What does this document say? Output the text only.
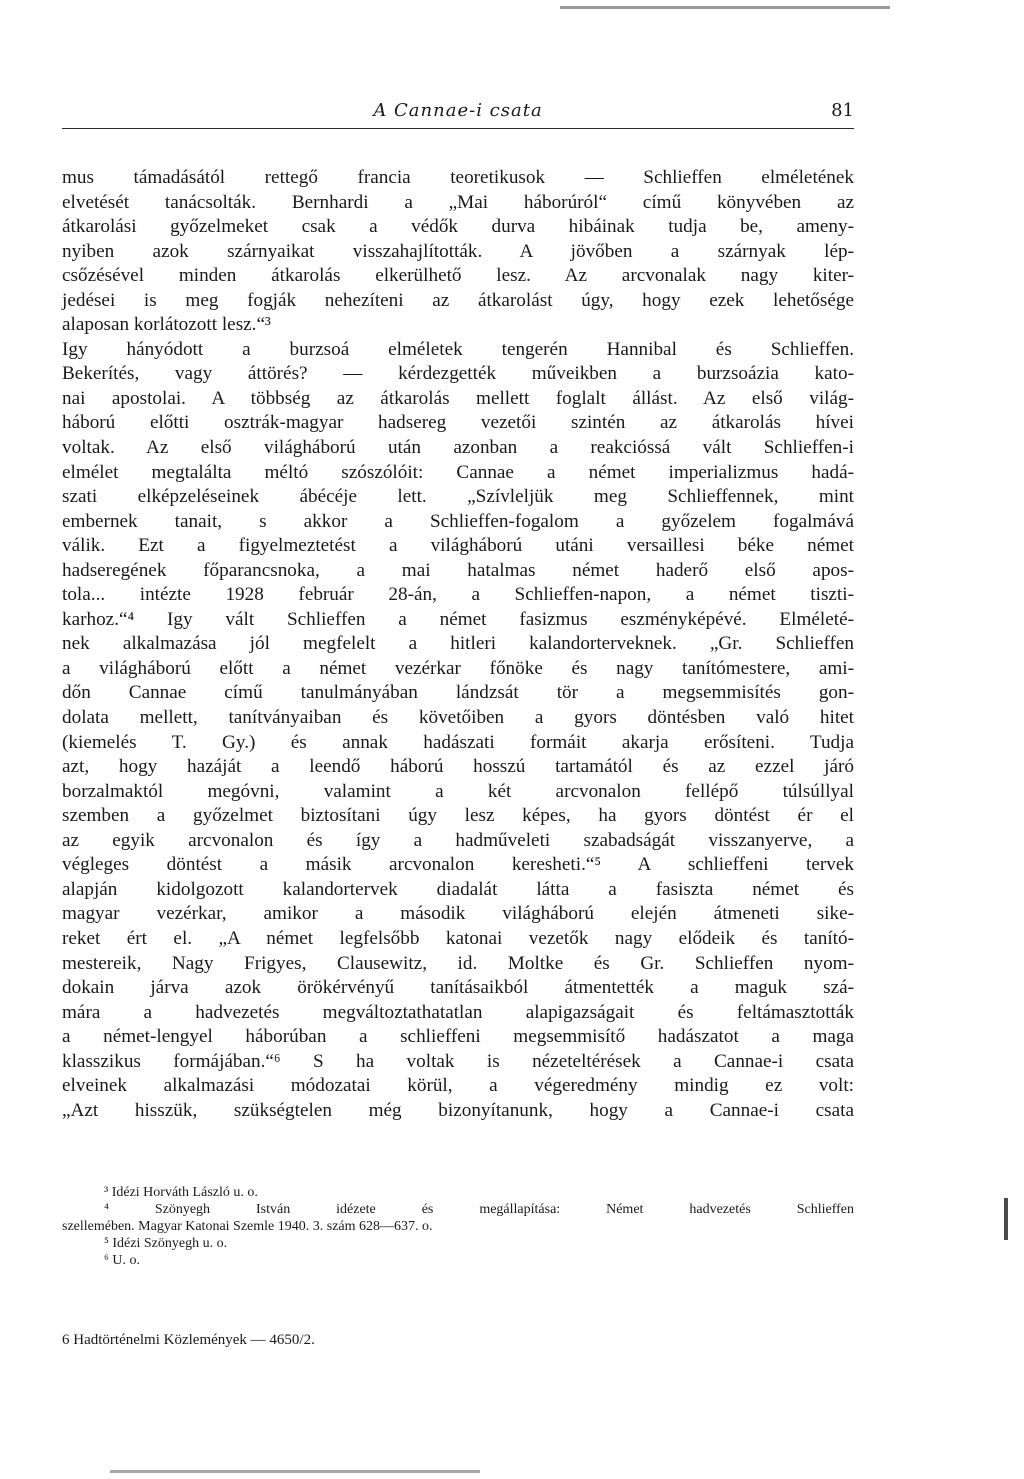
A Cannae-i csata	81
mus támadásától rettegő francia teoretikusok — Schlieffen elméletének
elvetését tanácsolták. Bernhardi a „Mai háborúról“ című könyvében az
átkarolási győzelmeket csak a védők durva hibáinak tudja be, ameny-
nyiben azok szárnyaikat visszahajlították. A jövőben a szárnyak lép-
csőzésével minden átkarolás elkerülhető lesz. Az arcvonalak nagy kiter-
jedései is meg fogják nehezíteni az átkarolást úgy, hogy ezek lehetősége
alaposan korlátozott lesz.“³
Igy hányódott a burzsoá elméletek tengerén Hannibal és Schlieffen.
Bekerítés, vagy áttörés? — kérdezgették műveikben a burzsoázia kato-
nai apostolai. A többség az átkarolás mellett foglalt állást. Az első világ-
háború előtti osztrák-magyar hadsereg vezetői szintén az átkarolás hívei
voltak. Az első világháború után azonban a reakcióssá vált Schlieffen-i
elmélet megtalálta méltó szószólóit: Cannae a német imperializmus hadá-
szati elképzeléseinek ábécéje lett. „Szívleljük meg Schlieffennek, mint
embernek tanait, s akkor a Schlieffen-fogalom a győzelem fogalmává
válik. Ezt a figyelmeztetést a világháború utáni versaillesi béke német
hadseregének főparancsnoka, a mai hatalmas német haderő első apos-
tola... intézte 1928 február 28-án, a Schlieffen-napon, a német tiszti-
karhoz.“⁴ Igy vált Schlieffen a német fasizmus eszményképévé. Elméleté-
nek alkalmazása jól megfelelt a hitleri kalandorterveknek. „Gr. Schlieffen
a világháború előtt a német vezérkar főnöke és nagy tanítómestere, ami-
dőn Cannae című tanulmányában lándzsát tör a megsemmisítés gon-
dolata mellett, tanítványaiban és követőiben a gyors döntésben való hitet
(kiemelés T. Gy.) és annak hadászati formáit akarja erősíteni. Tudja
azt, hogy hazáját a leendő háború hosszú tartamától és az ezzel járó
borzalmaktól megóvni, valamint a két arcvonalon fellépő túlsúllyal
szemben a győzelmet biztosítani úgy lesz képes, ha gyors döntést ér el
az egyik arcvonalon és így a hadműveleti szabadságát visszanyerve, a
végleges döntést a másik arcvonalon keresheti.“⁵ A schlieffeni tervek
alapján kidolgozott kalandortervek diadalát látta a fasiszta német és
magyar vezérkar, amikor a második világháború elején átmeneti sike-
reket ért el. „A német legfelsőbb katonai vezetők nagy elődeik és tanító-
mestereik, Nagy Frigyes, Clausewitz, id. Moltke és Gr. Schlieffen nyom-
dokain járva azok örökérvényű tanításaikból átmentették a maguk szá-
mára a hadvezetés megváltoztathatatlan alapigazságait és feltámasztották
a német-lengyel háborúban a schlieffeni megsemmisítő hadászatot a maga
klasszikus formájában.“⁶ S ha voltak is nézeteltérések a Cannae-i csata
elveinek alkalmazási módozatai körül, a végeredmény mindig ez volt:
„Azt hisszük, szükségtelen még bizonyítanunk, hogy a Cannae-i csata
³ Idézi Horváth László u. o.
⁴ Szönyegh István idézete és megállapítása: Német hadvezetés Schlieffen
szellemében. Magyar Katonai Szemle 1940. 3. szám 628—637. o.
⁵ Idézi Szönyegh u. o.
⁶ U. o.
6 Hadtörténelmi Közlemények — 4650/2.
